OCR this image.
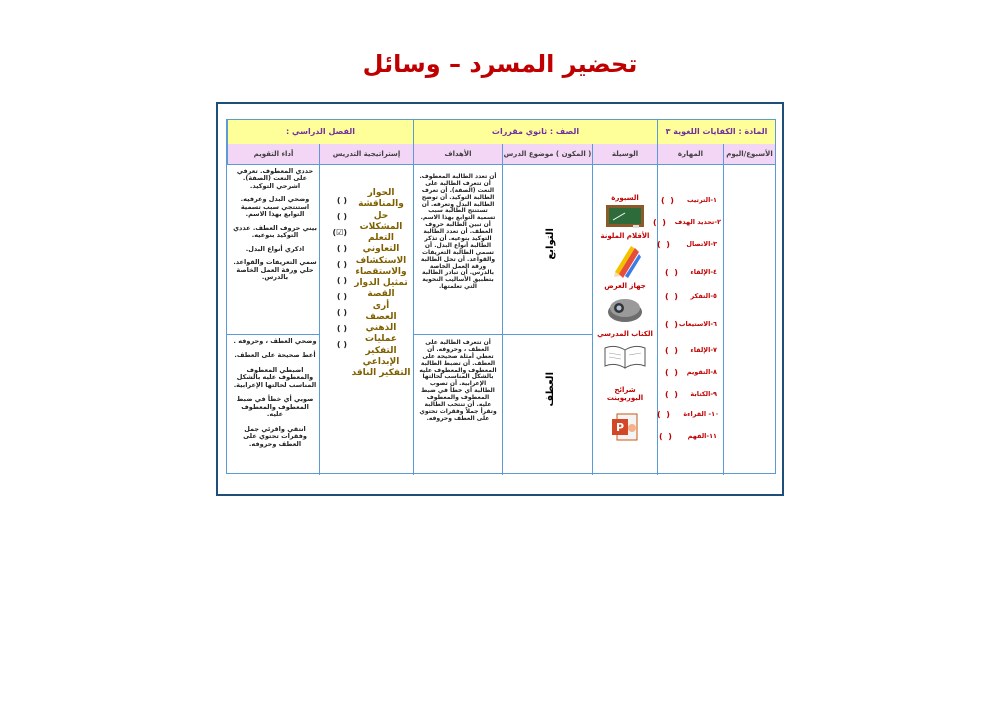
تحضير المسرد – وسائل
المادة : الكفايات اللغوية ٣
الصف : ثانوي مقررات
الفصل الدراسي :
الأسبوع/اليوم
المهارة
الوسيلة
( المكون ) موضوع الدرس
الأهداف
إستراتيجية التدريس
أداء التقويم
١-الترتيب
(  )
٢-تحديد الهدف
(  )
٣-الاتصال
(  )
٤-الإلقاء
(  )
٥-التفكر
(  )
٦-الاستيعاب
(  )
٧-الإلقاء
(  )
٨-التقويم
(  )
٩-الكتابة
(  )
١٠- القراءة
(  )
١١-الفهم
(  )
السبورة
الأقلام الملونة
جهاز العرض
الكتاب المدرسي
شرائح البوربوينت
P
التوابع
العطف
أن تعدد الطالبة المعطوف. أن تتعرف الطالبة على النعت (الصفة). أن تعرف الطالبة التوكيد. أن توضح الطالبة البدل وتعرفه. أن تستنتج الطالبة سبب تسمية التوابع بهذا الاسم. أن تبين الطالبة حروف العطف. أن تعدد الطالبة التوكيد بنوعيه. أن تذكر الطالبة أنواع البدل. أن تسمي الطالبة التعريفات والقواعد. أن تحل الطالبة ورقة العمل الخاصة بالدرس. أن تبادر الطالبة بتطبيق الأساليب النحوية التي تعلمتها.
أن تتعرف الطالبة على العطف ، وحروفه. أن تعطي أمثلة صحيحة على العطف. أن تضبط الطالبة المعطوف والمعطوف عليه بالشكل المناسب لحالتها الإعرابية. أن تصوب الطالبة أي خطأ في ضبط المعطوف والمعطوف عليه. أن تنتخب الطالبة وتقرأ جملاً وفقرات تحتوي على العطف وحروفه.
( )
( )
(☑)
( )
( )
( )
( )
( )
( )
( )
الحوار والمناقشة
حل المشكلات
التعلم التعاوني
الاستكشاف والاستقصاء
تمثيل الدوار القصة
أرى
العصف الذهني
عمليات التفكير الإبداعي
التفكير الناقد
حددي المعطوف. تعرفي على النعت (الصفة). اشرحي التوكيد.
وضحي البدل وعرفيه. استنتجي سبب تسمية التوابع بهذا الاسم.
بيني حروف العطف. عددي التوكيد بنوعيه.
اذكري أنواع البدل.
سمي التعريفات والقواعد. حلي ورقة العمل الخاصة بالدرس.
وضحي العطف ، وحروفه .
أعط صحيحة على العطف.
اضبطي المعطوف والمعطوف عليه بالشكل المناسب لحالتها الإعرابية.
صوبي أي خطأ في ضبط المعطوف والمعطوف عليه.
انتقي واقرئي جمل وفقرات تحتوي على العطف وحروفه.
